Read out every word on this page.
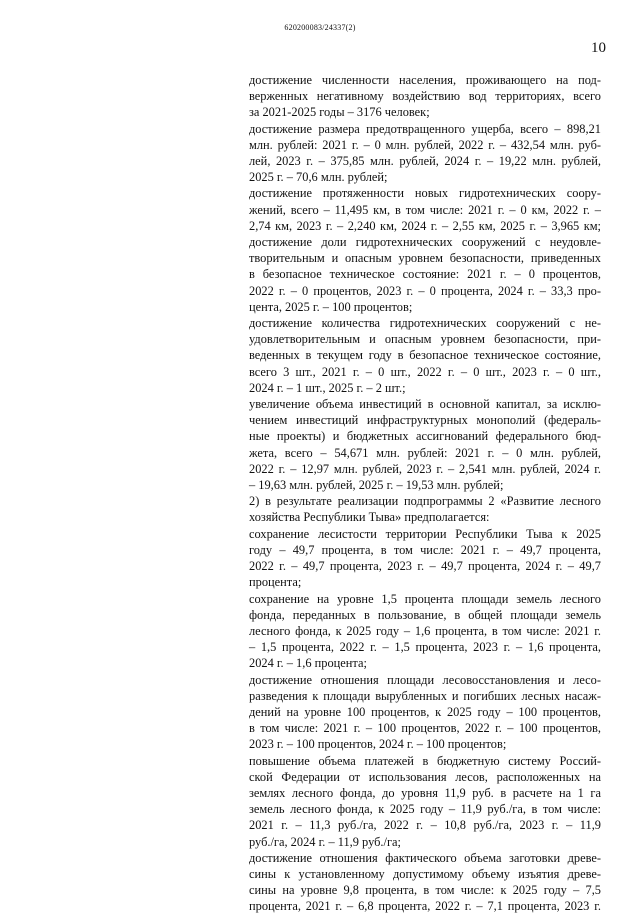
620200083/24337(2)
10
достижение численности населения, проживающего на под-
верженных негативному воздействию вод территориях, всего
за 2021-2025 годы – 3176 человек;
достижение размера предотвращенного ущерба, всего – 898,21
млн. рублей: 2021 г. – 0 млн. рублей, 2022 г. – 432,54 млн. руб-
лей, 2023 г. – 375,85 млн. рублей, 2024 г. – 19,22 млн. рублей,
2025 г. – 70,6 млн. рублей;
достижение протяженности новых гидротехнических соору-
жений, всего – 11,495 км, в том числе: 2021 г. – 0 км, 2022 г. –
2,74 км, 2023 г. – 2,240 км, 2024 г. – 2,55 км, 2025 г. – 3,965 км;
достижение доли гидротехнических сооружений с неудовле-
творительным и опасным уровнем безопасности, приведенных
в безопасное техническое состояние: 2021 г. – 0 процентов,
2022 г. – 0 процентов, 2023 г. – 0 процента, 2024 г. – 33,3 про-
цента, 2025 г. – 100 процентов;
достижение количества гидротехнических сооружений с не-
удовлетворительным и опасным уровнем безопасности, при-
веденных в текущем году в безопасное техническое состояние,
всего 3 шт., 2021 г. – 0 шт., 2022 г. – 0 шт., 2023 г. – 0 шт.,
2024 г. – 1 шт., 2025 г. – 2 шт.;
увеличение объема инвестиций в основной капитал, за исклю-
чением инвестиций инфраструктурных монополий (федераль-
ные проекты) и бюджетных ассигнований федерального бюд-
жета, всего – 54,671 млн. рублей: 2021 г. – 0 млн. рублей,
2022 г. – 12,97 млн. рублей, 2023 г. – 2,541 млн. рублей, 2024 г.
– 19,63 млн. рублей, 2025 г. – 19,53 млн. рублей;
2) в результате реализации подпрограммы 2 «Развитие лесного
хозяйства Республики Тыва» предполагается:
сохранение лесистости территории Республики Тыва к 2025
году – 49,7 процента, в том числе: 2021 г. – 49,7 процента,
2022 г. – 49,7 процента, 2023 г. – 49,7 процента, 2024 г. – 49,7
процента;
сохранение на уровне 1,5 процента площади земель лесного
фонда, переданных в пользование, в общей площади земель
лесного фонда, к 2025 году – 1,6 процента, в том числе: 2021 г.
– 1,5 процента, 2022 г. – 1,5 процента, 2023 г. – 1,6 процента,
2024 г. – 1,6 процента;
достижение отношения площади лесовосстановления и лесо-
разведения к площади вырубленных и погибших лесных насаж-
дений на уровне 100 процентов, к 2025 году – 100 процентов,
в том числе: 2021 г. – 100 процентов, 2022 г. – 100 процентов,
2023 г. – 100 процентов, 2024 г. – 100 процентов;
повышение объема платежей в бюджетную систему Россий-
ской Федерации от использования лесов, расположенных на
землях лесного фонда, до уровня 11,9 руб. в расчете на 1 га
земель лесного фонда, к 2025 году – 11,9 руб./га, в том числе:
2021 г. – 11,3 руб./га, 2022 г. – 10,8 руб./га, 2023 г. – 11,9
руб./га, 2024 г. – 11,9 руб./га;
достижение отношения фактического объема заготовки древе-
сины к установленному допустимому объему изъятия древе-
сины на уровне 9,8 процента, в том числе: к 2025 году – 7,5
процента, 2021 г. – 6,8 процента, 2022 г. – 7,1 процента, 2023 г.
